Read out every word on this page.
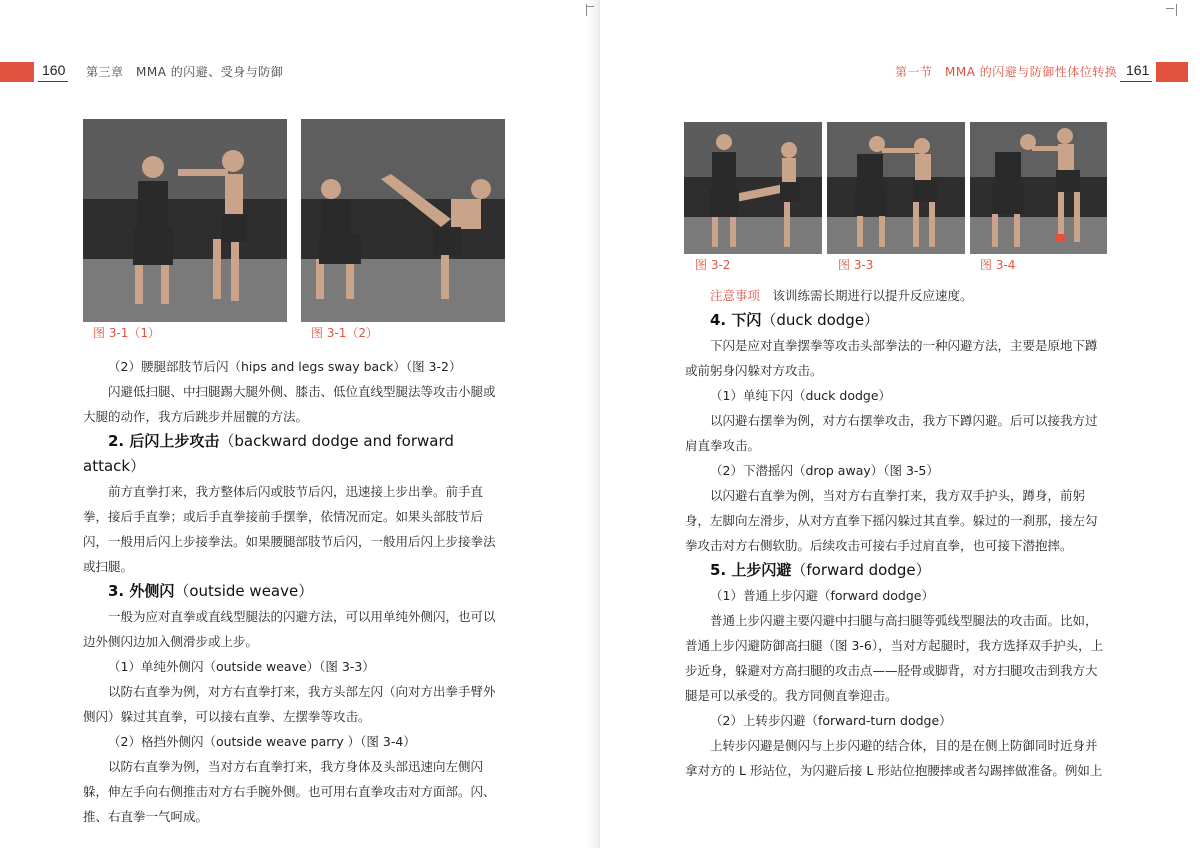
160 第三章　MMA 的闪避、受身与防御
图 3-1（1）	图 3-1（2）

（2）腰腿部肢节后闪（hips and legs sway back）（图 3-2）

闪避低扫腿、中扫腿踢大腿外侧、膝击、低位直线型腿法等攻击小腿或大腿的动作，我方后跳步并屈髋的方法。

2. 后闪上步攻击（backward dodge and forward attack）

前方直拳打来，我方整体后闪或肢节后闪，迅速接上步出拳。前手直拳，接后手直拳；或后手直拳接前手摆拳，依情况而定。如果头部肢节后闪，一般用后闪上步接拳法。如果腰腿部肢节后闪，一般用后闪上步接拳法或扫腿。

3. 外侧闪（outside weave）

一般为应对直拳或直线型腿法的闪避方法，可以用单纯外侧闪，也可以边外侧闪边加入侧滑步或上步。

（1）单纯外侧闪（outside weave）（图 3-3）

以防右直拳为例，对方右直拳打来，我方头部左闪（向对方出拳手臂外侧闪）躲过其直拳，可以接右直拳、左摆拳等攻击。

（2）格挡外侧闪（outside weave parry ）（图 3-4）

以防右直拳为例，当对方右直拳打来，我方身体及头部迅速向左侧闪躲，伸左手向右侧推击对方右手腕外侧。也可用右直拳攻击对方面部。闪、推、右直拳一气呵成。

第一节　MMA 的闪避与防御性体位转换 161
图 3-2	图 3-3	图 3-4

注意事项　 该训练需长期进行以提升反应速度。

4. 下闪（duck dodge）

下闪是应对直拳摆拳等攻击头部拳法的一种闪避方法，主要是原地下蹲或前躬身闪躲对方攻击。

（1）单纯下闪（duck dodge）

以闪避右摆拳为例，对方右摆拳攻击，我方下蹲闪避。后可以接我方过肩直拳攻击。

（2）下潜摇闪（drop away）（图 3-5）

以闪避右直拳为例，当对方右直拳打来，我方双手护头，蹲身，前躬身，左脚向左滑步，从对方直拳下摇闪躲过其直拳。躲过的一刹那，接左勾拳攻击对方右侧软肋。后续攻击可接右手过肩直拳，也可接下潜抱摔。

5. 上步闪避（forward dodge）

（1）普通上步闪避（forward dodge）

普通上步闪避主要闪避中扫腿与高扫腿等弧线型腿法的攻击面。比如，普通上步闪避防御高扫腿（图 3-6），当对方起腿时，我方选择双手护头，上步近身，躲避对方高扫腿的攻击点——胫骨或脚背，对方扫腿攻击到我方大腿是可以承受的。我方同侧直拳迎击。

（2）上转步闪避（forward-turn dodge）

上转步闪避是侧闪与上步闪避的结合体，目的是在侧上防御同时近身并拿对方的 L 形站位，为闪避后接 L 形站位抱腰摔或者勾踢摔做准备。例如上
